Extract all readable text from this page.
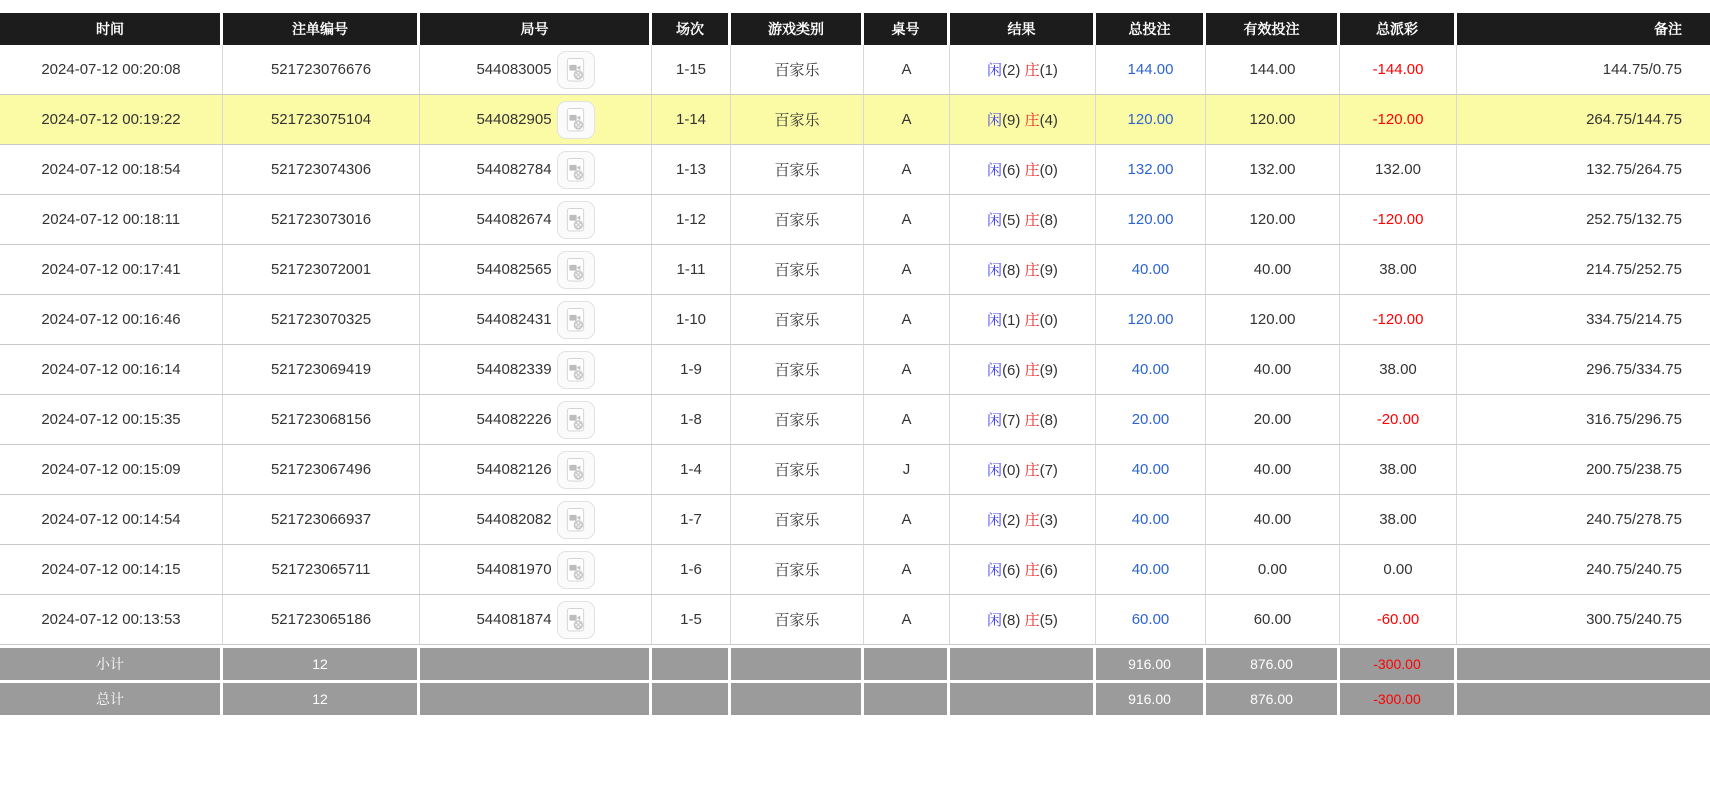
时间	注单编号	局号	场次	游戏类别	桌号	结果	总投注	有效投注	总派彩	备注
2024-07-12 00:20:08	521723076676	544083005	1-15	百家乐	A	闲(2) 庄(1)	144.00	144.00	-144.00	144.75/0.75
2024-07-12 00:19:22	521723075104	544082905	1-14	百家乐	A	闲(9) 庄(4)	120.00	120.00	-120.00	264.75/144.75
2024-07-12 00:18:54	521723074306	544082784	1-13	百家乐	A	闲(6) 庄(0)	132.00	132.00	132.00	132.75/264.75
2024-07-12 00:18:11	521723073016	544082674	1-12	百家乐	A	闲(5) 庄(8)	120.00	120.00	-120.00	252.75/132.75
2024-07-12 00:17:41	521723072001	544082565	1-11	百家乐	A	闲(8) 庄(9)	40.00	40.00	38.00	214.75/252.75
2024-07-12 00:16:46	521723070325	544082431	1-10	百家乐	A	闲(1) 庄(0)	120.00	120.00	-120.00	334.75/214.75
2024-07-12 00:16:14	521723069419	544082339	1-9	百家乐	A	闲(6) 庄(9)	40.00	40.00	38.00	296.75/334.75
2024-07-12 00:15:35	521723068156	544082226	1-8	百家乐	A	闲(7) 庄(8)	20.00	20.00	-20.00	316.75/296.75
2024-07-12 00:15:09	521723067496	544082126	1-4	百家乐	J	闲(0) 庄(7)	40.00	40.00	38.00	200.75/238.75
2024-07-12 00:14:54	521723066937	544082082	1-7	百家乐	A	闲(2) 庄(3)	40.00	40.00	38.00	240.75/278.75
2024-07-12 00:14:15	521723065711	544081970	1-6	百家乐	A	闲(6) 庄(6)	40.00	0.00	0.00	240.75/240.75
2024-07-12 00:13:53	521723065186	544081874	1-5	百家乐	A	闲(8) 庄(5)	60.00	60.00	-60.00	300.75/240.75
小计	12						916.00	876.00	-300.00	
总计	12						916.00	876.00	-300.00	
